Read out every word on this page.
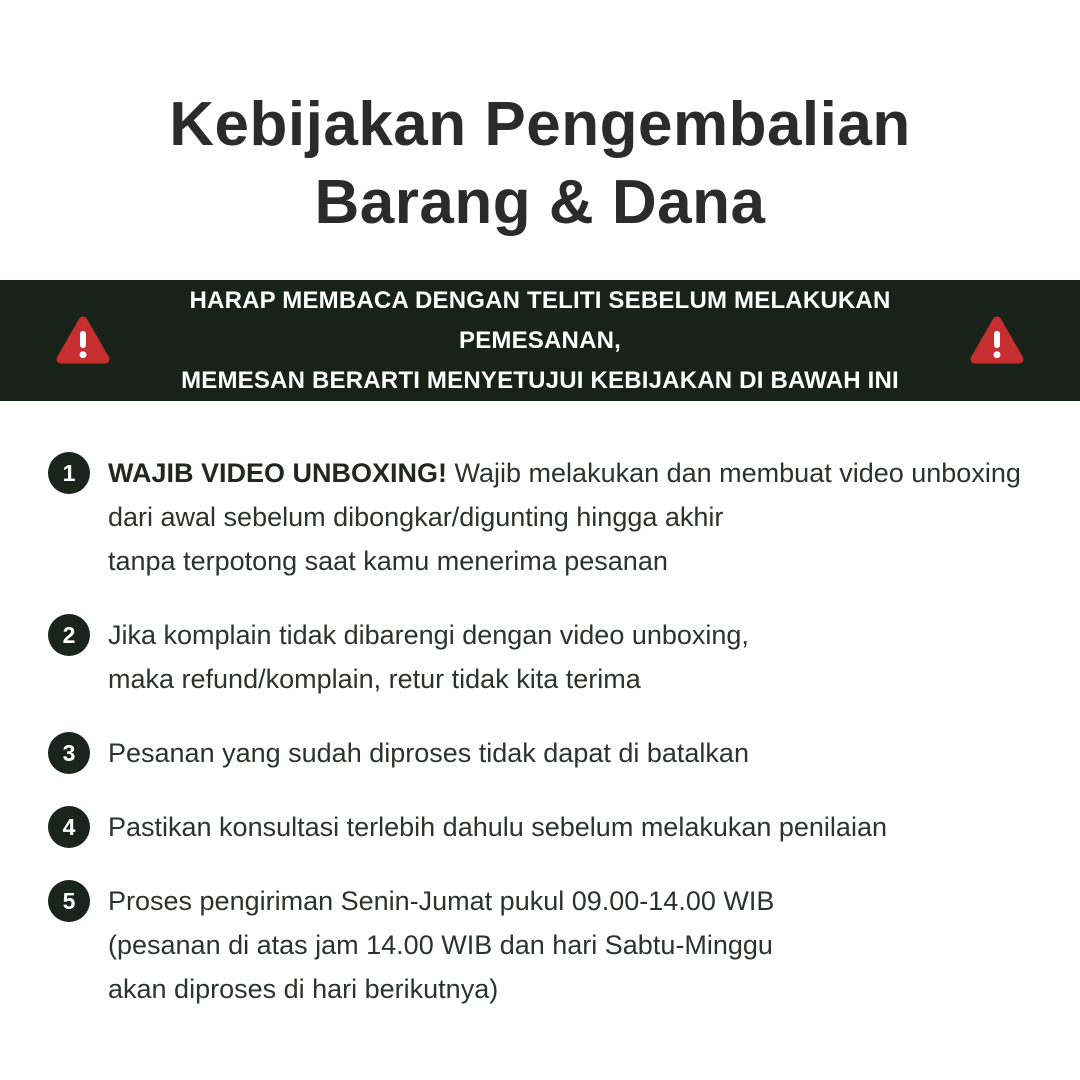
Kebijakan Pengembalian
Barang & Dana
HARAP MEMBACA DENGAN TELITI SEBELUM MELAKUKAN PEMESANAN,
MEMESAN BERARTI MENYETUJUI KEBIJAKAN DI BAWAH INI
1	WAJIB VIDEO UNBOXING! Wajib melakukan dan membuat video unboxing
dari awal sebelum dibongkar/digunting hingga akhir
tanpa terpotong saat kamu menerima pesanan
2	Jika komplain tidak dibarengi dengan video unboxing,
maka refund/komplain, retur tidak kita terima
3	Pesanan yang sudah diproses tidak dapat di batalkan
4	Pastikan konsultasi terlebih dahulu sebelum melakukan penilaian
5	Proses pengiriman Senin-Jumat pukul 09.00-14.00 WIB
(pesanan di atas jam 14.00 WIB dan hari Sabtu-Minggu
akan diproses di hari berikutnya)
